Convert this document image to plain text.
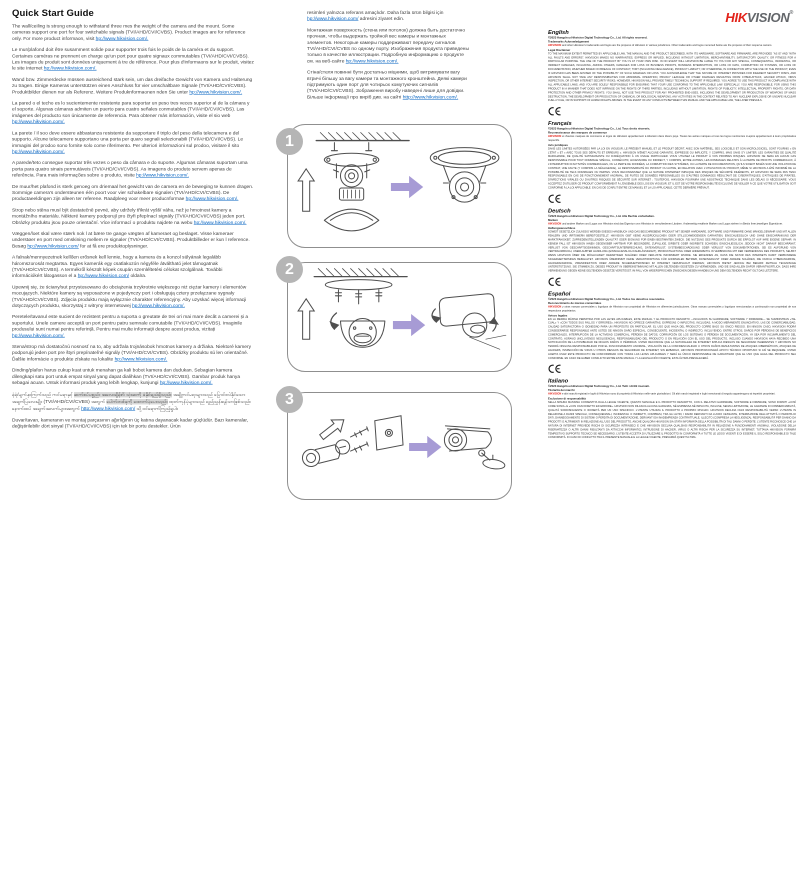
Quick Start Guide

The wall/ceiling is strong enough to withstand three mes the weight of the camera and the mount. Some cameras support one port for four switchable signals (TVI/AHD/CVI/CVBS). Product images are for reference only. For more product informaon, visit hp://www.hikvision.com/.

Le mur/plafond doit être susamment solide pour supporter trois fois le poids de la caméra et du support. Certaines caméras ne prennent en charge qu'un port pour quatre signaux commutables (TVI/AHD/CVI/CVBS). Les images du produit sont données uniquement à tre de référence. Pour plus d'informaons sur le produit, visitez le site Internet hp://www.hikvision.com/.

Wand bzw. Zimmerdecke müssen ausreichend stark sein, um das dreifache Gewicht von Kamera und Halterung zu tragen. Einige Kameras unterstützen einen Anschluss für vier umschaltbare Signale (TVI/AHD/CVI/CVBS). Produktbilder dienen nur als Referenz. Weitere Produknformaonen nden Sie unter hp://www.hikvision.com/.

La pared o el techo es lo sucientemente resistente para soportar un peso tres veces superior al de la cámara y el soporte. Algunas cámaras admiten un puerto para cuatro señales conmutables (TVI/AHD/CVI/CVBS). Las imágenes del producto son únicamente de referencia. Para obtener más información, visite el sio web hp://www.hikvision.com/.

La parete / il soo deve essere abbastanza resistente da sopportare il triplo del peso della telecamera e del supporto. Alcune telecamere supportano una porta per quaro segnali selezionabili (TVI/AHD/CVI/CVBS). Le immagini del prodoo sono fornite solo come riferimento. Per ulteriori informazioni sul prodoo, visitare il sito hp://www.hikvision.com/.

A parede/teto consegue suportar três vezes o peso da câmara e do suporte. Algumas câmaras suportam uma porta para quatro sinais permutáveis (TVI/AHD/CVI/CVBS). As imagens do produto servem apenas de referência. Para mais informações sobre o produto, visite hp://www.hikvision.com/.

De muur/het plafond is sterk genoeg om driemaal het gewicht van de camera en de beweging te kunnen dragen. Sommige camera's ondersteunen één poort voor vier schakelbare signalen (TVI/AHD/CVI/CVBS). De productaeeldingen zijn alleen ter referene. Raadpleeg voor meer producnformae hp://www.hikvision.com/.

Strop nebo stěna musí být dostatečně pevné, aby udržely třikrát vyšší váhu, než je hmotnost kamery a montážního materiálu. Některé kamery podporují pro čtyři přepínací signály (TVI/AHD/CVI/CVBS) jeden port. Obrázky produktu jsou pouze orientační. Více informací o produktu najdete na webu hp://www.hikvision.com/.

Væggen/loet skal være stærk nok l at bære tre gange vægten af kameraet og beslaget. Visse kameraer understøer en port med omskining mellem re signaler (TVI/AHD/CVI/CVBS). Produktbilleder er kun l reference. Besøg hp://www.hikvision.com/ for at få ere produktoplysninger.

A falnak/mennyezetnek kellően erősnek kell lennie, hogy a kamera és a konzol súlyának legalább háromszorosát megtartsa. Egyes kamerák egy csatlakozón négyféle átváltható jelet támogatnak (TVI/AHD/CVI/CVBS). A termékről készült képek csupán szemléltetési célokat szolgálnak. További információkért látogasson el a hp://www.hikvision.com/ oldalra.

Upewnij się, że ściany/sut przystosowano do obciążenia trzykrotnie większego niż ciężar kamery i elementów mocujących. Niektóre kamery są wyposażone w pojedynczy port i obsługują cztery przełączane sygnały (TVI/AHD/CVI/CVBS). Zdjęcia produktu mają wyłącznie charakter referencyjny. Aby uzyskać więcej informacji dotyczących produktu, skorzystaj z witryny internetowej hp://www.hikvision.com/.

Peretele/tavanul este sucient de rezistent pentru a suporta o greutate de trei ori mai mare decât a camerei și a suportului. Unele camere acceptă un port pentru patru semnale comutabile (TVI/AHD/CVI/CVBS). Imaginile produsului sunt numai pentru referință. Pentru mai multe informații despre acest produs, vizitați hp://www.hikvision.com/.

Stena/strop má dostatočnú nosnosť na to, aby udržala trojnásobok hmotnos kamery a držiaka. Niektoré kamery podporujú jeden port pre štyri prepínateľné signály (TVI/AHD/CVI/CVBS). Obrázky produktu sú len orientačné. Ďalšie informácie o produkte získate na lokalite hp://www.hikvision.com/.

Dinding/plafon harus cukup kuat untuk menahan ga kali bobot kamera dan dudukan. Sebagian kamera dilengkapi satu port untuk empat sinyal yang dapat dialihkan (TVI/AHD/CVI/CVBS). Gambar produk hanya sebagai acuan. Untuk informasi produk yang lebih lengkap, kunjungi hp://www.hikvision.com/.

နံရံ/မျက်နှာကြက်သည် ကင်မရာနှင့် ဆက်စပ်ပစ္စည်း အလေးချိန်၏ သုံးဆကို ခံနိုင်ရည်ရှိသည်။ အချို့ကင်မရာများသည် ပြောင်းလဲနိုင်သော အချက်ပြလေးမျိုး (TVI/AHD/CVI/CVBS) အတွက် ပေါက်တစ်ခုကို ထောက်ပံ့ပေးသည်။ ထုတ်ကုန်ပုံများသည် ရည်ညွှန်းရန်သာဖြစ်သည်။ နောက်ထပ် အချက်အလက်များအတွက် http://www.hikvision.com/ သို့ ဝင်ရောက်ကြည့်ရှုပါ။

Duvar/tavan, kameranın ve montaj parçasının ağırlığının üç katına dayanacak kadar güçlüdür. Bazı kameralar, değiştirilebilir dört sinyal (TVI/AHD/CVI/CVBS) için tek bir portu destekler. Ürün

resimleri yalnızca referans amaçlıdır. Daha fazla ürün bilgisi için hp://www.hikvision.com/ adresini ziyaret edin.

Монтажная поверхность (стена или потолок) должна быть достаточно прочная, чтобы выдержать тройной вес камеры и монтажных элементов. Некоторые камеры поддерживают передачу сигналов TVI/AHD/CVI/CVBS по одному порту. Изображения продукта приведены только в качестве иллюстрации. Подробную информацию о продукте см. на веб-сайте hp://www.hikvision.com/.

Стіна/стеля повинні бути достатньо міцними, щоб витримувати вагу втричі більшу за вагу камери та монтажного кронштейна. Деякі камери підтримують один порт для чотирьох комутуючих сигналів (TVI/AHD/CVI/CVBS). Зображення виробу наведені лише для довідки. Більше інформації про виріб див. на сайті http://www.hikvision.com/.

1
2
3
HIKVISION®
English
©2023 Hangzhou Hikvision Digital Technology Co., Ltd. All rights reserved.
Trademarks Acknowledgement

HIKVISION and other Hikvision's trademarks and logos are the properes of Hikvision in various jurisdicons. Other trademarks and logos menoned below are the properes of their respecve owners.

Legal Disclaimer

TO THE MAXIMUM EXTENT PERMITTED BY APPLICABLE LAW, THE MANUAL AND THE PRODUCT DESCRIBED, WITH ITS HARDWARE, SOFTWARE AND FIRMWARE, ARE PROVIDED “AS IS” AND “WITH ALL FAULTS AND ERRORS”. HIKVISION MAKES NO WARRANTIES, EXPRESS OR IMPLIED, INCLUDING WITHOUT LIMITATION, MERCHANTABILITY, SATISFACTORY QUALITY, OR FITNESS FOR A PARTICULAR PURPOSE. THE USE OF THE PRODUCT BY YOU IS AT YOUR OWN RISK. IN NO EVENT WILL HIKVISION BE LIABLE TO YOU FOR ANY SPECIAL, CONSEQUENTIAL, INCIDENTAL, OR INDIRECT DAMAGES, INCLUDING, AMONG OTHERS, DAMAGES FOR LOSS OF BUSINESS PROFITS, BUSINESS INTERRUPTION, OR LOSS OF DATA, CORRUPTION OF SYSTEMS, OR LOSS OF DOCUMENTATION, WHETHER BASED ON BREACH OF CONTRACT, TORT (INCLUDING NEGLIGENCE), PRODUCT LIABILITY, OR OTHERWISE, IN CONNECTION WITH THE USE OF THE PRODUCT, EVEN IF HIKVISION HAS BEEN ADVISED OF THE POSSIBILITY OF SUCH DAMAGES OR LOSS. YOU ACKNOWLEDGE THAT THE NATURE OF INTERNET PROVIDES FOR INHERENT SECURITY RISKS, AND HIKVISION SHALL NOT TAKE ANY RESPONSIBILITIES FOR ABNORMAL OPERATION, PRIVACY LEAKAGE OR OTHER DAMAGES RESULTING FROM CYBER-ATTACK, HACKER ATTACK, VIRUS INSPECTION, OR OTHER INTERNET SECURITY RISKS; HOWEVER, HIKVISION WILL PROVIDE TIMELY TECHNICAL SUPPORT IF REQUIRED. YOU AGREE TO USE THIS PRODUCT IN COMPLIANCE WITH ALL APPLICABLE LAWS, AND YOU ARE SOLELY RESPONSIBLE FOR ENSURING THAT YOUR USE CONFORMS TO THE APPLICABLE LAW. ESPECIALLY, YOU ARE RESPONSIBLE, FOR USING THIS PRODUCT IN A MANNER THAT DOES NOT INFRINGE ON THE RIGHTS OF THIRD PARTIES, INCLUDING WITHOUT LIMITATION, RIGHTS OF PUBLICITY, INTELLECTUAL PROPERTY RIGHTS, OR DATA PROTECTION AND OTHER PRIVACY RIGHTS. YOU SHALL NOT USE THIS PRODUCT FOR ANY PROHIBITED END-USES, INCLUDING THE DEVELOPMENT OR PRODUCTION OF WEAPONS OF MASS DESTRUCTION, THE DEVELOPMENT OR PRODUCTION OF CHEMICAL OR BIOLOGICAL WEAPONS, ANY ACTIVITIES IN THE CONTEXT RELATED TO ANY NUCLEAR EXPLOSIVE OR UNSAFE NUCLEAR FUEL-CYCLE, OR IN SUPPORT OF HUMAN RIGHTS ABUSES. IN THE EVENT OF ANY CONFLICTS BETWEEN THIS MANUAL AND THE APPLICABLE LAW, THE LATER PREVAILS.

Français
©2023 Hangzhou Hikvision Digital Technology Co., Ltd. Tous droits réservés.
Reconnaissance des marques de commerce

HIKVISION et d'autres marques de commerce et logos de Hikvision appartiennent à Hikvision dans divers pays. Toutes les autres marques et tous les logos mentionnés ci-après appartiennent à leurs propriétaires respectifs.

Avis juridiques

DANS LES LIMITES AUTORISÉES PAR LA LOI EN VIGUEUR, LE PRÉSENT MANUEL ET LE PRODUIT DÉCRIT, AVEC SON MATÉRIEL, SES LOGICIELS ET SON MICROLOGICIEL, SONT FOURNIS « EN L'ÉTAT » ET « AVEC TOUS SES DÉFAUTS ET ERREURS ». HIKVISION N'ÉMET AUCUNE GARANTIE, EXPRESSE OU IMPLICITE, Y COMPRIS, MAIS SANS S'Y LIMITER, LES GARANTIES DE QUALITÉ MARCHANDE, DE QUALITÉ SATISFAISANTE OU D'ADÉQUATION À UN USAGE PARTICULIER. VOUS UTILISEZ LE PRODUIT À VOS PROPRES RISQUES. HIKVISION NE SERA EN AUCUN CAS RESPONSABLE POUR TOUT DOMMAGE SPÉCIAL, CONSÉCUTIF, ACCESSOIRE OU INDIRECT, Y COMPRIS, ENTRE AUTRES, LES DOMMAGES RELATIFS À LA PERTE DE PROFITS COMMERCIAUX, À L'INTERRUPTION D'ACTIVITÉS COMMERCIALES, OU LA PERTE DE DONNÉES, LA CORRUPTION DES SYSTÈMES, OU LA PERTE DE DOCUMENTATION, QU'ILS SOIENT BASÉS SUR UNE VIOLATION DE CONTRAT, UNE FAUTE (Y COMPRIS LA NÉGLIGENCE), LA RESPONSABILITÉ DU PRODUIT OU AUTRE, EN RELATION AVEC L'UTILISATION DU PRODUIT, MÊME SI HIKVISION A ÉTÉ INFORMÉ DE LA POSSIBILITÉ DE TELS DOMMAGES OU PERTES. VOUS RECONNAISSEZ QUE LA NATURE D'INTERNET IMPLIQUE DES RISQUES DE SÉCURITÉ INHÉRENTS, ET HIKVISION NE SERA PAS TENU RESPONSABLE EN CAS DE FONCTIONNEMENT ANORMAL, DE FUITES DE DONNÉES PERSONNELLES OU D'AUTRES DOMMAGES RÉSULTANT DE CYBERATTAQUES, D'ATTAQUES DE PIRATES, D'INFECTIONS VIRALES OU D'AUTRES RISQUES DE SÉCURITÉ SUR INTERNET ; TOUTEFOIS, HIKVISION FOURNIRA UNE ASSISTANCE TECHNIQUE DANS LES DÉLAIS SI NÉCESSAIRE. VOUS ACCEPTEZ D'UTILISER CE PRODUIT CONFORMÉMENT À L'ENSEMBLE DES LOIS EN VIGUEUR, ET IL EST DE VOTRE RESPONSABILITÉ EXCLUSIVE DE VEILLER À CE QUE VOTRE UTILISATION SOIT CONFORME À LA LOI APPLICABLE. EN CAS DE CONFLIT ENTRE CE MANUEL ET LA LOI APPLICABLE, CETTE DERNIÈRE PRÉVAUT.

Deutsch
©2023 Hangzhou Hikvision Digital Technology Co., Ltd. Alle Rechte vorbehalten.
Marken

HIKVISION und andere Marken und Logos von Hikvision sind das Eigentum von Hikvision in verschiedenen Ländern. Anderweitig erwähnte Marken und Logos stehen im Besitz ihrer jeweiligen Eigentümer.

Haftungsausschluss

SOWEIT GESETZLICH ZULÄSSIG WERDEN DIESES HANDBUCH UND DAS BESCHRIEBENE PRODUKT MIT SEINER HARDWARE, SOFTWARE UND FIRMWARE OHNE MÄNGELGEWÄHR UND MIT ALLEN FEHLERN UND IRRTÜMERN BEREITGESTELLT. HIKVISION GIBT KEINE AUSDRÜCKLICHEN ODER STILLSCHWEIGENDEN GARANTIEN, EINSCHLIESSLICH UND OHNE EINSCHRÄNKUNG DER MARKTFÄHIGKEIT, ZUFRIEDENSTELLENDEN QUALITÄT ODER EIGNUNG FÜR EINEN BESTIMMTEN ZWECK. DIE NUTZUNG DES PRODUKTS DURCH SIE ERFOLGT AUF IHRE EIGENE GEFAHR. IN KEINEM FALL IST HIKVISION IHNEN GEGENÜBER HAFTBAR FÜR BESONDERE, ZUFÄLLIGE, DIREKTE ODER INDIREKTE SCHÄDEN, EINSCHLIESSLICH, JEDOCH NICHT DARAUF BESCHRÄNKT, VERLUST VON GESCHÄFTSGEWINNEN, GESCHÄFTSUNTERBRECHUNG, DATENVERLUST, SYSTEMBESCHÄDIGUNG ODER VERLUST VON DOKUMENTATIONEN, SEI ES AUFGRUND VON VERTRAGSBRUCH, UNERLAUBTER HANDLUNG (EINSCHLIESSLICH FAHRLÄSSIGKEIT), PRODUKTHAFTUNG ODER ANDERWEITIG IN VERBINDUNG MIT DER VERWENDUNG DES PRODUKTS, SELBST WENN HIKVISION ÜBER DIE MÖGLICHKEIT DERARTIGER SCHÄDEN ODER VERLUSTE INFORMIERT WURDE. SIE ERKENNEN AN, DASS DIE NATUR DES INTERNETS DAMIT VERBUNDENE SICHERHEITSRISIKEN BEINHALTET. HIKVISION ÜBERNIMMT KEINE VERANTWORTUNG FÜR ANORMALEN BETRIEB, DATENVERLUST ODER ANDERE SCHÄDEN, DIE DURCH CYBERANGRIFFE, HACKERANGRIFFE, VIRENINFEKTION ODER ANDERE SICHERHEITSRISIKEN IM INTERNET VERURSACHT WERDEN; HIKVISION BIETET JEDOCH BEI BEDARF ZEITNAH TECHNISCHE UNTERSTÜTZUNG. SIE STIMMEN ZU, DIESES PRODUKT IN ÜBEREINSTIMMUNG MIT ALLEN GELTENDEN GESETZEN ZU VERWENDEN, UND SIE SIND ALLEIN DAFÜR VERANTWORTLICH, DASS IHRE VERWENDUNG GEGEN KEINE GELTENDEN GESETZE VERSTÖSST. IM FALL VON WIDERSPRÜCHEN ZWISCHEN DIESEM HANDBUCH UND DEM GELTENDEN RECHT GILT DAS LETZTERE.

Español
©2023 Hangzhou Hikvision Digital Technology Co., Ltd. Todos los derechos reservados.
Reconocimiento de marcas comerciales

HIKVISION y otras marcas comerciales y logotipos de Hikvision son propiedad de Hikvision en diferentes jurisdicciones. Otras marcas comerciales y logotipos mencionados a continuación son propiedad de sus respectivos propietarios.

Avisos legales

EN LA MEDIDA MÁXIMA PERMITIDA POR LAS LEYES APLICABLES, ESTE MANUAL Y EL PRODUCTO DESCRITO —INCLUIDOS SU HARDWARE, SOFTWARE Y FIRMWARE— SE SUMINISTRAN «TAL CUAL» Y «CON TODOS SUS FALLOS Y ERRORES». HIKVISION NO OFRECE GARANTÍAS, EXPRESAS O IMPLÍCITAS, INCLUIDAS, A MODO MERAMENTE ENUNCIATIVO, LAS DE COMERCIABILIDAD, CALIDAD SATISFACTORIA O IDONEIDAD PARA UN PROPÓSITO EN PARTICULAR. EL USO QUE HAGA DEL PRODUCTO CORRE BAJO SU ÚNICO RIESGO. EN NINGÚN CASO, HIKVISION PODRÁ CONSIDERARSE RESPONSABLE ANTE USTED DE NINGÚN DAÑO ESPECIAL, CONSECUENTE, INCIDENTAL O INDIRECTO, INCLUYENDO, ENTRE OTROS, DAÑOS POR PÉRDIDAS DE BENEFICIOS COMERCIALES, INTERRUPCIÓN DE LA ACTIVIDAD COMERCIAL, PÉRDIDA DE DATOS, CORRUPCIÓN DE LOS SISTEMAS O PÉRDIDA DE DOCUMENTACIÓN, YA SEA POR INCUMPLIMIENTO DEL CONTRATO, AGRAVIO (INCLUYENDO NEGLIGENCIA), RESPONSABILIDAD DEL PRODUCTO O EN RELACIÓN CON EL USO DEL PRODUCTO, INCLUSO CUANDO HIKVISION HAYA RECIBIDO UNA NOTIFICACIÓN DE LA POSIBILIDAD DE DICHOS DAÑOS O PÉRDIDAS. USTED RECONOCE QUE LA NATURALEZA DE INTERNET IMPLICA RIESGOS DE SEGURIDAD INHERENTES Y HIKVISION NO TENDRÁ NINGUNA RESPONSABILIDAD POR EL FUNCIONAMIENTO ANORMAL, VIOLACIÓN DE LA CONFIDENCIALIDAD U OTROS DAÑOS RESULTANTES DE ATAQUES CIBERNÉTICOS, ATAQUES DE HACKERS, INSPECCIÓN DE VIRUS U OTROS RIESGOS DE SEGURIDAD DE INTERNET; SIN EMBARGO, HIKVISION PROPORCIONARÁ APOYO TÉCNICO OPORTUNO SI ASÍ SE REQUIERE. USTED ACEPTA USAR ESTE PRODUCTO DE CONFORMIDAD CON TODAS LAS LEYES APLICABLES Y SERÁ EL ÚNICO RESPONSABLE DE GARANTIZAR QUE EL USO QUE HAGA DEL PRODUCTO SEA CONFORME. EN CASO DE HABER CONFLICTO ENTRE ESTE MANUAL Y LA LEGISLACIÓN VIGENTE, ESTA ÚLTIMA PREVALECERÁ.

Italiano
©2023 Hangzhou Hikvision Digital Technology Co., Ltd. Tutti i diritti riservati.
Titolarità dei marchi

HIKVISION e altri marchi registrati e loghi di Hikvision sono di proprietà di Hikvision nelle varie giurisdizioni. Gli altri marchi registrati e loghi menzionati di seguito appartengono ai rispettivi proprietari.

Esclusione di responsabilità

NELLA MISURA MASSIMA CONSENTITA DALLA LEGGE VIGENTE, QUESTO MANUALE E IL PRODOTTO DESCRITTO, CON IL RELATIVO HARDWARE, SOFTWARE E FIRMWARE, SONO FORNITI «COSÌ COME SONO» E «CON OGNI DIFETTO ED ERRORE». HIKVISION NON RILASCIA ALCUNA GARANZIA, NÉ ESPRESSA NÉ IMPLICITA, INCLUSE, SENZA LIMITAZIONE, LE GARANZIE DI COMMERCIABILITÀ, QUALITÀ SODDISFACENTE O IDONEITÀ PER UN USO SPECIFICO. L'UTENTE UTILIZZA IL PRODOTTO A PROPRIO RISCHIO. HIKVISION DECLINA OGNI RESPONSABILITÀ VERSO L'UTENTE IN RELAZIONE A DANNI SPECIALI, CONSEQUENZIALI, INCIDENTALI O INDIRETTI, COMPRESI, TRA GLI ALTRI, I DANNI DERIVANTI DA LUCRO CESSANTE, INTERRUZIONE DELL'ATTIVITÀ O PERDITA DI DATI, DANNEGGIAMENTO DI SISTEMI O PERDITA DI DOCUMENTAZIONE, DERIVANTI DA INADEMPIENZA CONTRATTUALE, ILLECITO (COMPRESA LA NEGLIGENZA), RESPONSABILITÀ PER DANNO DA PRODOTTI O ALTRIMENTI IN RELAZIONE ALL'USO DEL PRODOTTO, ANCHE QUALORA HIKVISION SIA STATA INFORMATA DELLA POSSIBILITÀ DI TALI DANNI O PERDITE. L'UTENTE RICONOSCE CHE LA NATURA DI INTERNET PREVEDE RISCHI DI SICUREZZA INTRINSECI E CHE HIKVISION DECLINA QUALSIASI RESPONSABILITÀ IN RELAZIONE A FUNZIONAMENTI ANOMALI, VIOLAZIONE DELLA RISERVATEZZA O ALTRI DANNI RISULTANTI DA ATTACCHI INFORMATICI, INTRUSIONE DI HACKER, VIRUS O ALTRI RISCHI PER LA SICUREZZA SU INTERNET; TUTTAVIA HIKVISION FORNIRÀ TEMPESTIVO SUPPORTO TECNICO SE NECESSARIO. L'UTENTE ACCETTA DI UTILIZZARE IL PRODOTTO IN CONFORMITÀ A TUTTE LE LEGGI VIGENTI E DI ESSERE IL SOLO RESPONSABILE DI TALE CONFORMITÀ. IN CASO DI CONFLITTO TRA IL PRESENTE MANUALE E LA LEGGE VIGENTE, PREVARRÀ QUEST'ULTIMA.
